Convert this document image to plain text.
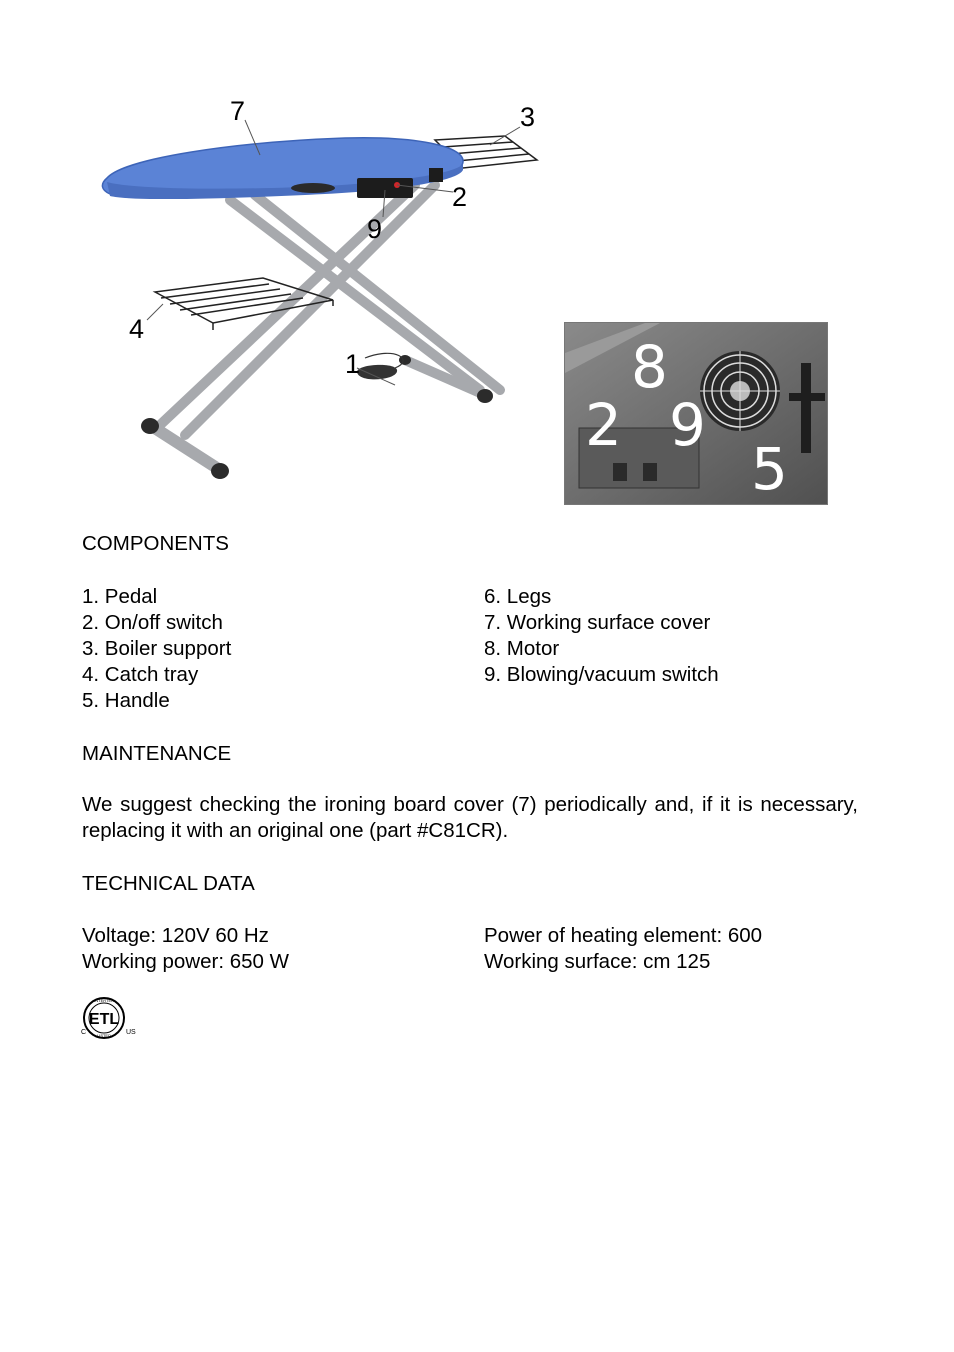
7	3
2
9
4
1	8
2 9
5
COMPONENTS
1. Pedal
2. On/off switch
3. Boiler support
4. Catch tray
5. Handle
6. Legs
7. Working surface cover
8. Motor
9. Blowing/vacuum switch
MAINTENANCE
We suggest checking the ironing board cover (7) periodically and, if it is necessary, replacing it with an original one (part #C81CR).
TECHNICAL DATA
Voltage: 120V 60 Hz
Working power: 650 W
Power of heating element: 600
Working surface: cm 125
ETL
INTERTEK
LISTED
C	US
